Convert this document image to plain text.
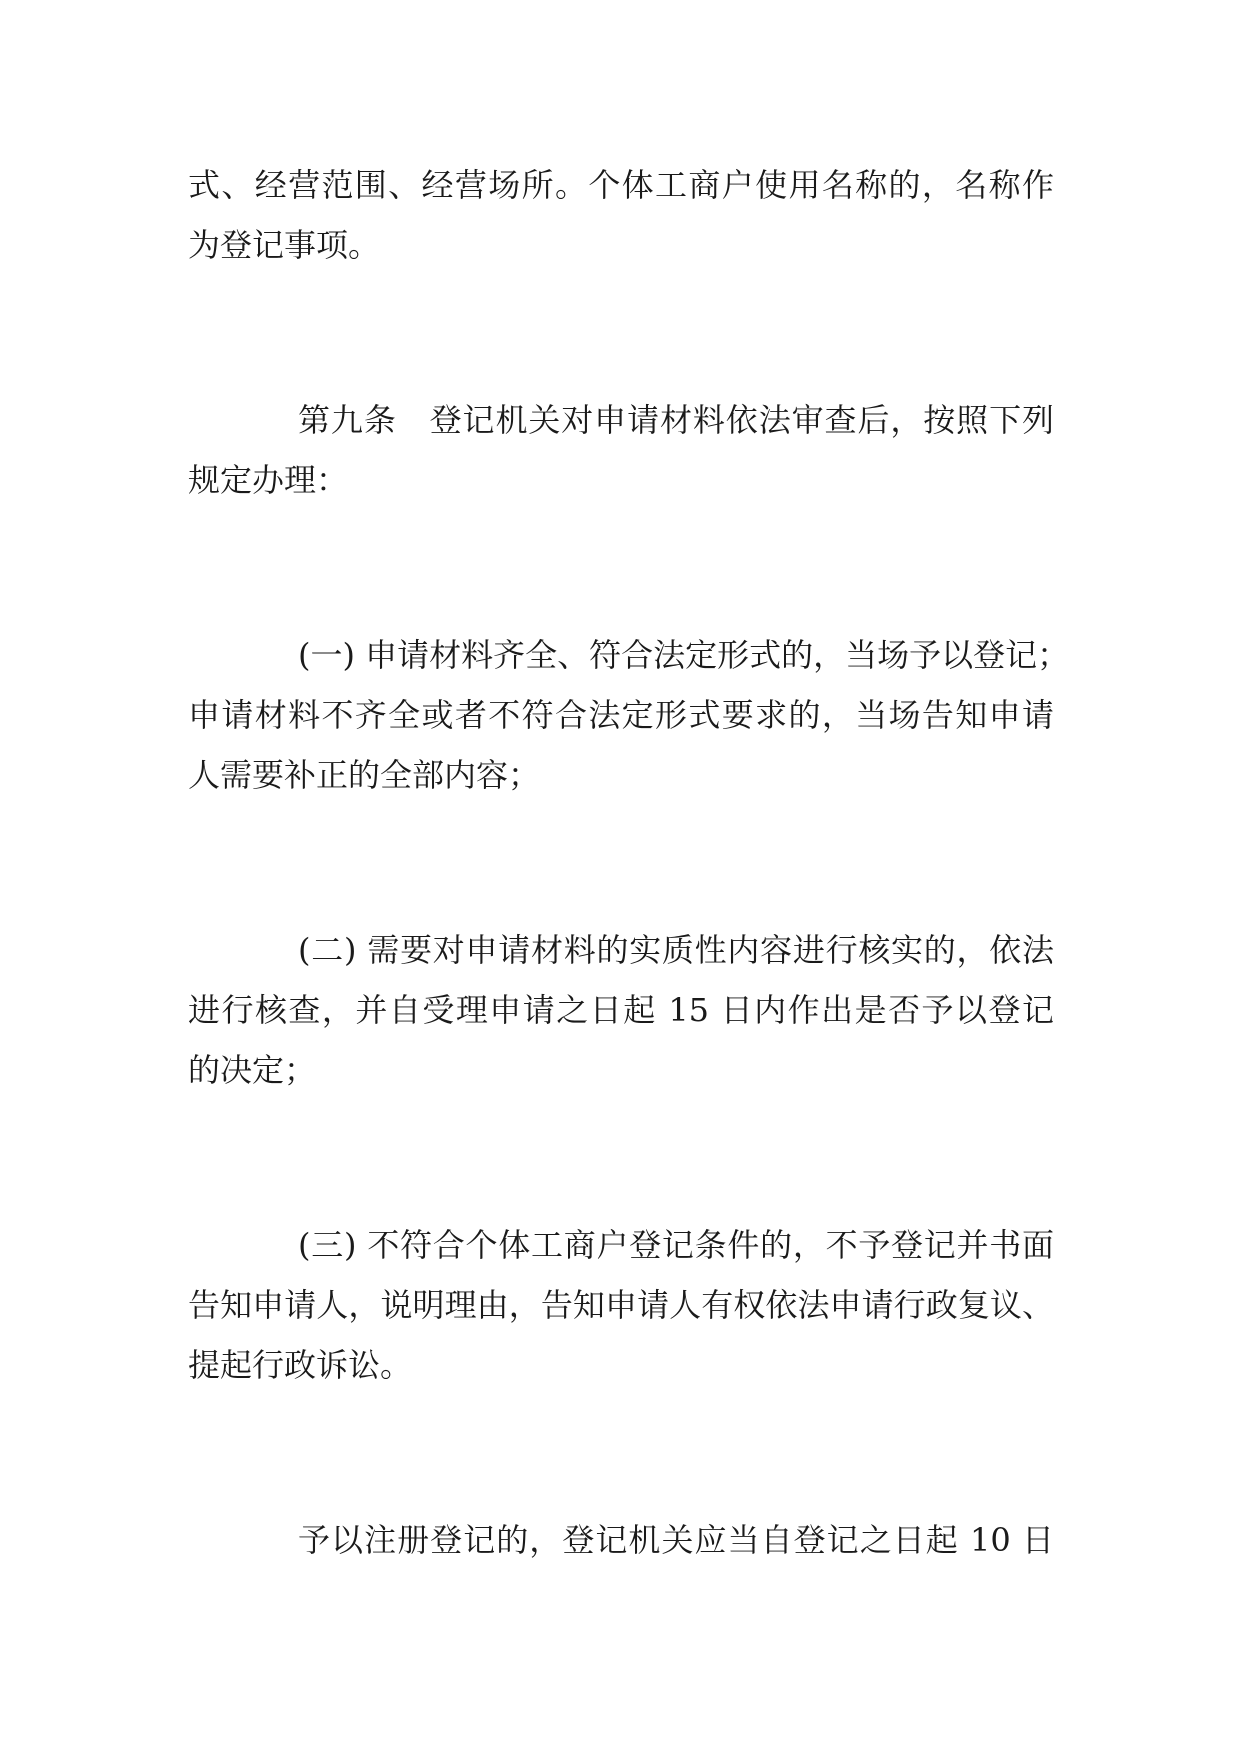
式、经营范围、经营场所。个体工商户使用名称的，名称作
为登记事项。
第九条　登记机关对申请材料依法审查后，按照下列
规定办理：
(一) 申请材料齐全、符合法定形式的，当场予以登记；
申请材料不齐全或者不符合法定形式要求的，当场告知申请
人需要补正的全部内容；
(二) 需要对申请材料的实质性内容进行核实的，依法
进行核查，并自受理申请之日起 15 日内作出是否予以登记
的决定；
(三) 不符合个体工商户登记条件的，不予登记并书面
告知申请人，说明理由，告知申请人有权依法申请行政复议、
提起行政诉讼。
予以注册登记的，登记机关应当自登记之日起 10 日
